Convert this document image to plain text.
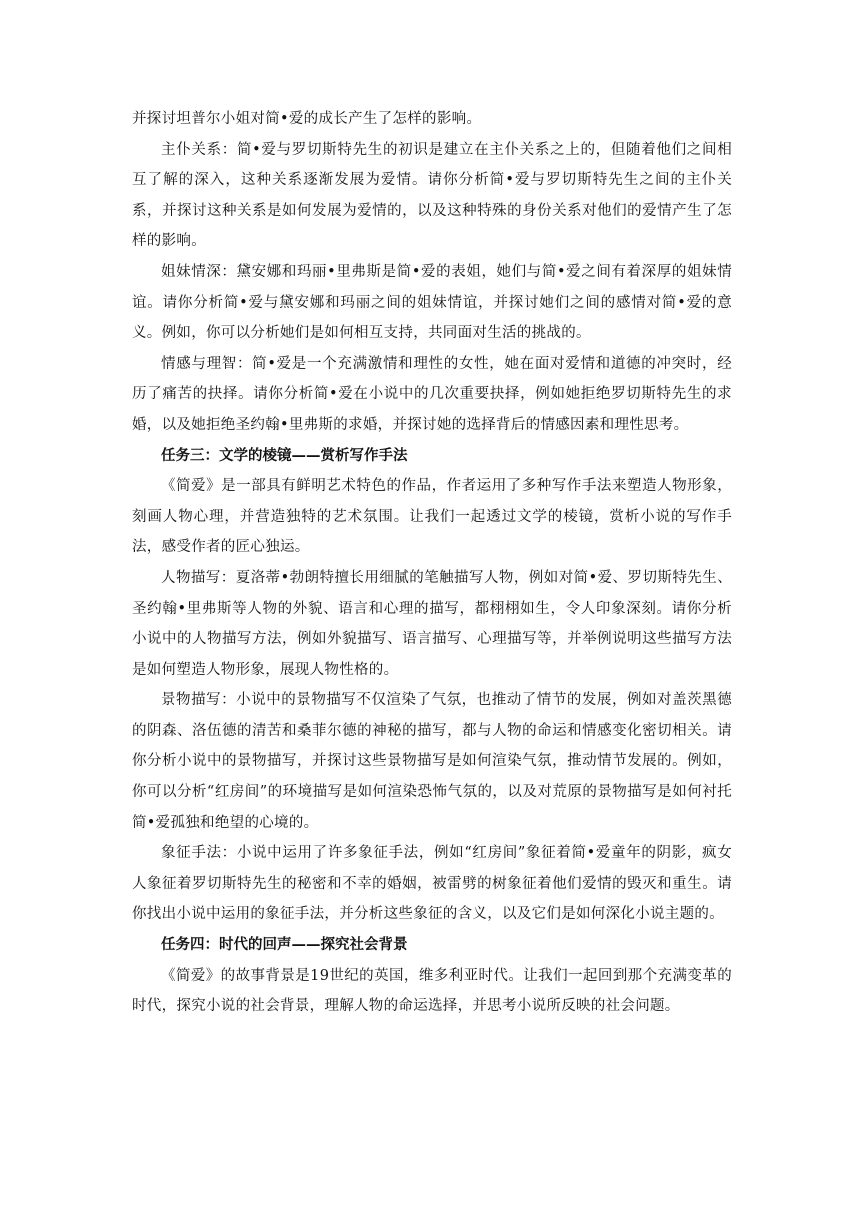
并探讨坦普尔小姐对简•爱的成长产生了怎样的影响。

主仆关系：简•爱与罗切斯特先生的初识是建立在主仆关系之上的，但随着他们之间相互了解的深入，这种关系逐渐发展为爱情。请你分析简•爱与罗切斯特先生之间的主仆关系，并探讨这种关系是如何发展为爱情的，以及这种特殊的身份关系对他们的爱情产生了怎样的影响。

姐妹情深：黛安娜和玛丽•里弗斯是简•爱的表姐，她们与简•爱之间有着深厚的姐妹情谊。请你分析简•爱与黛安娜和玛丽之间的姐妹情谊，并探讨她们之间的感情对简•爱的意义。例如，你可以分析她们是如何相互支持，共同面对生活的挑战的。

情感与理智：简•爱是一个充满激情和理性的女性，她在面对爱情和道德的冲突时，经历了痛苦的抉择。请你分析简•爱在小说中的几次重要抉择，例如她拒绝罗切斯特先生的求婚，以及她拒绝圣约翰•里弗斯的求婚，并探讨她的选择背后的情感因素和理性思考。

任务三：文学的棱镜——赏析写作手法

《简爱》是一部具有鲜明艺术特色的作品，作者运用了多种写作手法来塑造人物形象，刻画人物心理，并营造独特的艺术氛围。让我们一起透过文学的棱镜，赏析小说的写作手法，感受作者的匠心独运。

人物描写：夏洛蒂•勃朗特擅长用细腻的笔触描写人物，例如对简•爱、罗切斯特先生、圣约翰•里弗斯等人物的外貌、语言和心理的描写，都栩栩如生，令人印象深刻。请你分析小说中的人物描写方法，例如外貌描写、语言描写、心理描写等，并举例说明这些描写方法是如何塑造人物形象，展现人物性格的。

景物描写：小说中的景物描写不仅渲染了气氛，也推动了情节的发展，例如对盖茨黑德的阴森、洛伍德的清苦和桑菲尔德的神秘的描写，都与人物的命运和情感变化密切相关。请你分析小说中的景物描写，并探讨这些景物描写是如何渲染气氛，推动情节发展的。例如，你可以分析“红房间”的环境描写是如何渲染恐怖气氛的，以及对荒原的景物描写是如何衬托简•爱孤独和绝望的心境的。

象征手法：小说中运用了许多象征手法，例如“红房间”象征着简•爱童年的阴影，疯女人象征着罗切斯特先生的秘密和不幸的婚姻，被雷劈的树象征着他们爱情的毁灭和重生。请你找出小说中运用的象征手法，并分析这些象征的含义，以及它们是如何深化小说主题的。

任务四：时代的回声——探究社会背景

《简爱》的故事背景是19世纪的英国，维多利亚时代。让我们一起回到那个充满变革的时代，探究小说的社会背景，理解人物的命运选择，并思考小说所反映的社会问题。
